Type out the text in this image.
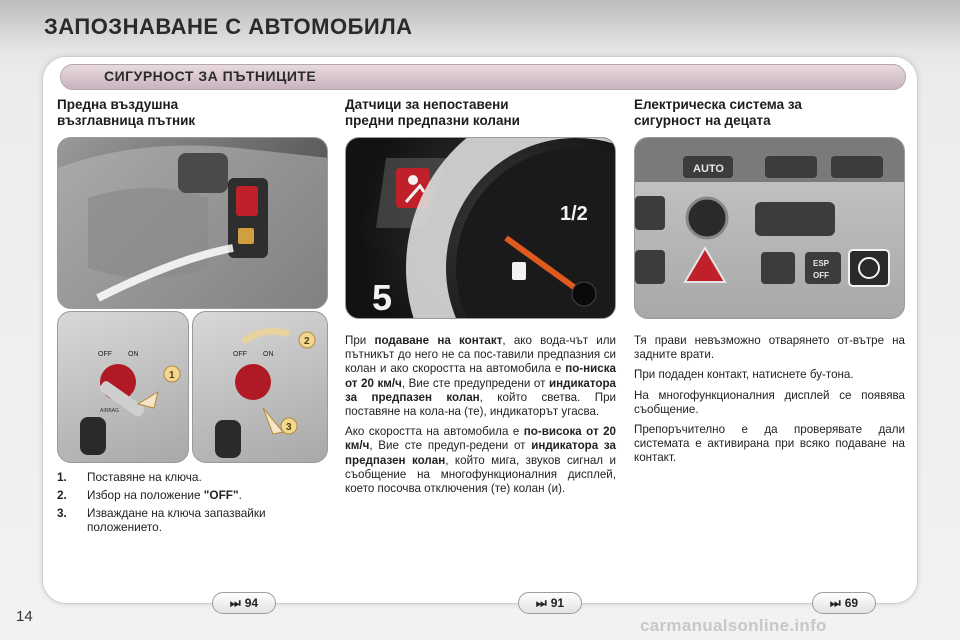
ЗАПОЗНАВАНЕ С АВТОМОБИЛА
СИГУРНОСТ ЗА ПЪТНИЦИТЕ
Предна въздушна
възглавница пътник
OFF ON
AIRBAG
1
OFF ON
2
3
1.	Поставяне на ключа.
2.	Избор на положение "OFF".
3.	Изваждане на ключа запазвайки положението.
Датчици за непоставени
предни предпазни колани
1/2
5

При подаване на контакт, ако вода-чът или пътникът до него не са пос-тавили предпазния си колан и ако скоростта на автомобила е по-ниска от 20 км/ч, Вие сте предупредени от индикатора за предпазен колан, който светва. При поставяне на кола-на (те), индикаторът угасва.

Ако скоростта на автомобила е по-висока от 20 км/ч, Вие сте предуп-редени от индикатора за предпазен колан, който мига, звуков сигнал и съобщение на многофункционалния дисплей, което посочва отключения (те) колан (и).

Електрическа система за
сигурност на децата
AUTO
ESP
OFF

Тя прави невъзможно отварянето от-вътре на задните врати.

При подаден контакт, натиснете бу-тона.

На многофункционалния дисплей се появява съобщение.

Препоръчително е да проверявате дали системата е активирана при всяко подаване на контакт.

⏭ 94	⏭ 91	⏭ 69
14	carmanualsonline.info
